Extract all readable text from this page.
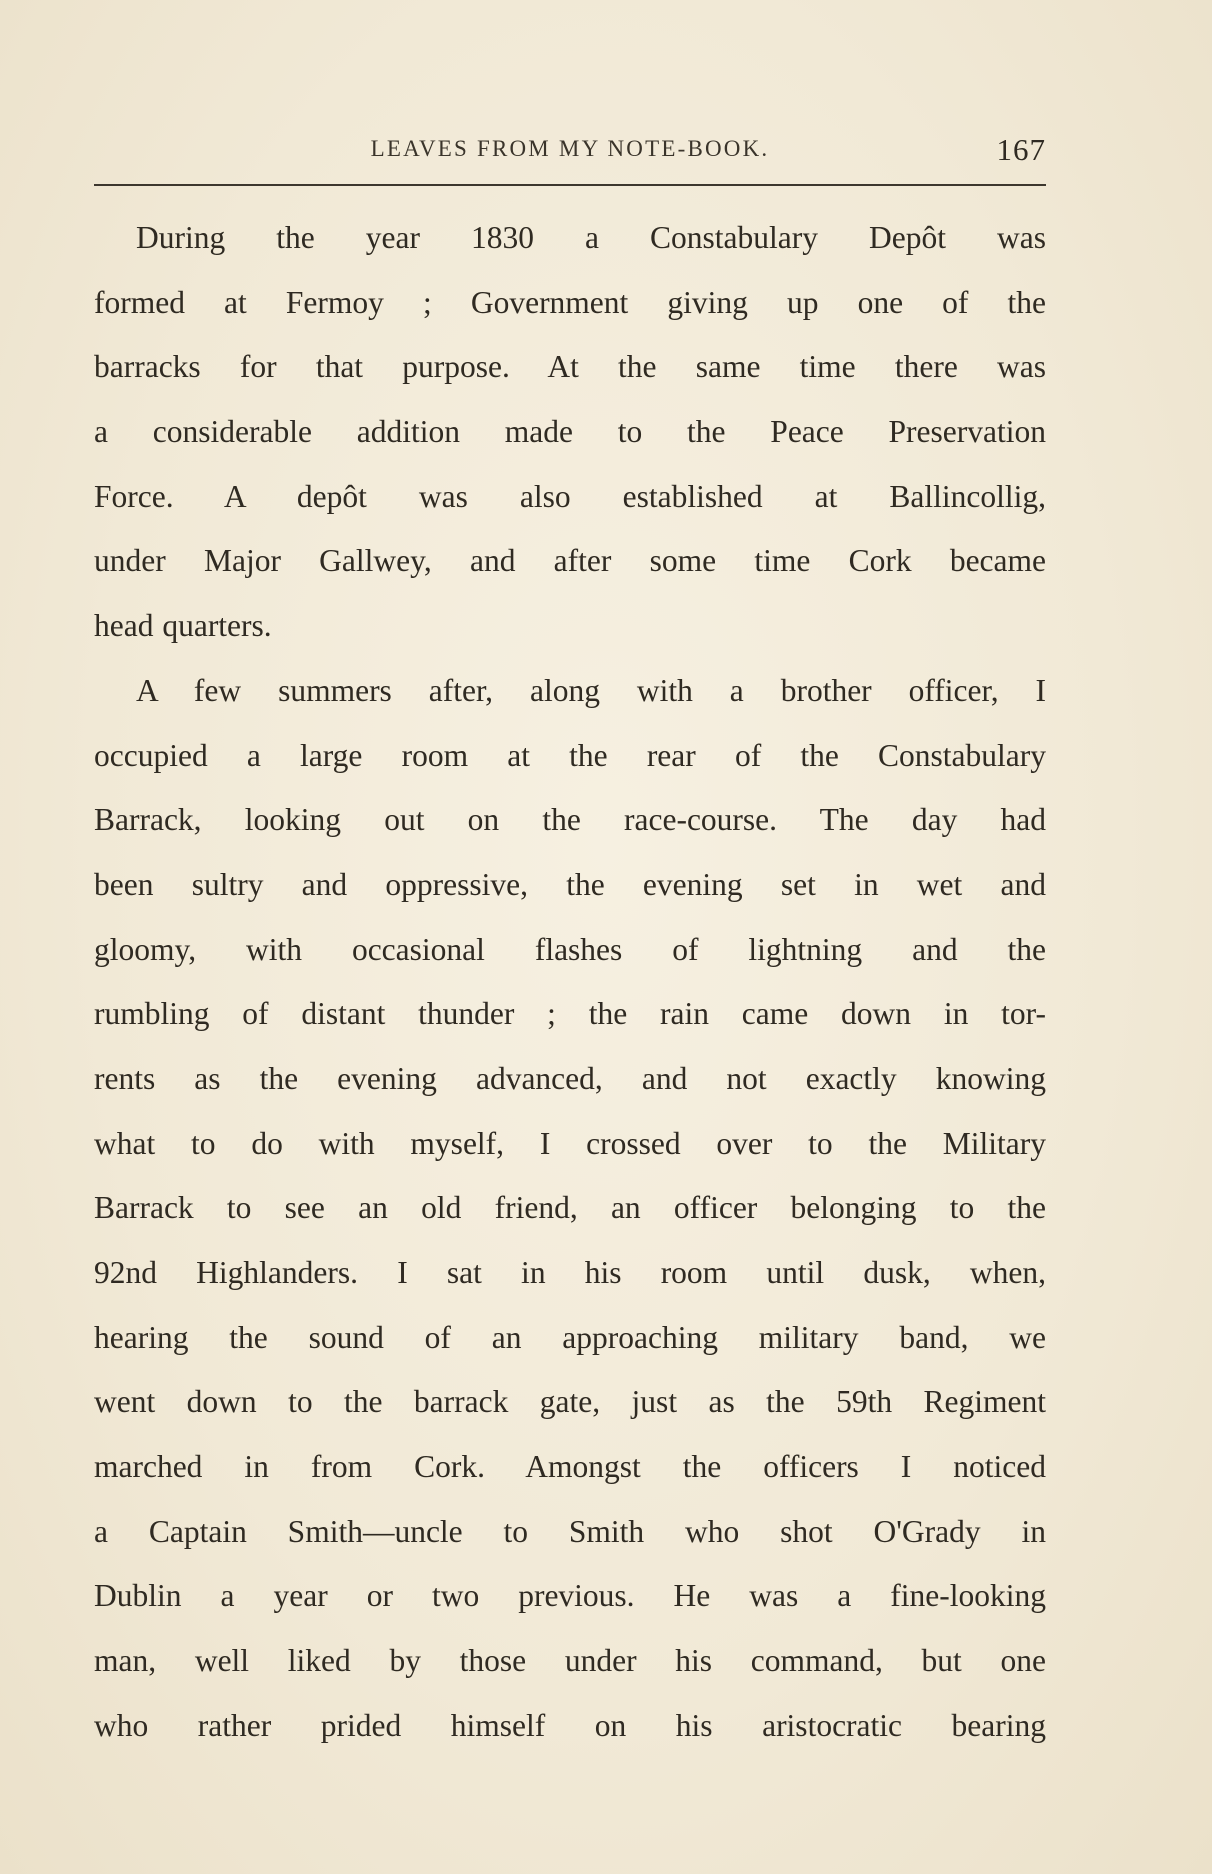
LEAVES FROM MY NOTE-BOOK.	167
During the year 1830 a Constabulary Depôt was
formed at Fermoy ; Government giving up one of the
barracks for that purpose. At the same time there was
a considerable addition made to the Peace Preservation
Force. A depôt was also established at Ballincollig,
under Major Gallwey, and after some time Cork became
head quarters.
A few summers after, along with a brother officer, I
occupied a large room at the rear of the Constabulary
Barrack, looking out on the race-course. The day had
been sultry and oppressive, the evening set in wet and
gloomy, with occasional flashes of lightning and the
rumbling of distant thunder ; the rain came down in tor-
rents as the evening advanced, and not exactly knowing
what to do with myself, I crossed over to the Military
Barrack to see an old friend, an officer belonging to the
92nd Highlanders. I sat in his room until dusk, when,
hearing the sound of an approaching military band, we
went down to the barrack gate, just as the 59th Regiment
marched in from Cork. Amongst the officers I noticed
a Captain Smith—uncle to Smith who shot O'Grady in
Dublin a year or two previous. He was a fine-looking
man, well liked by those under his command, but one
who rather prided himself on his aristocratic bearing
